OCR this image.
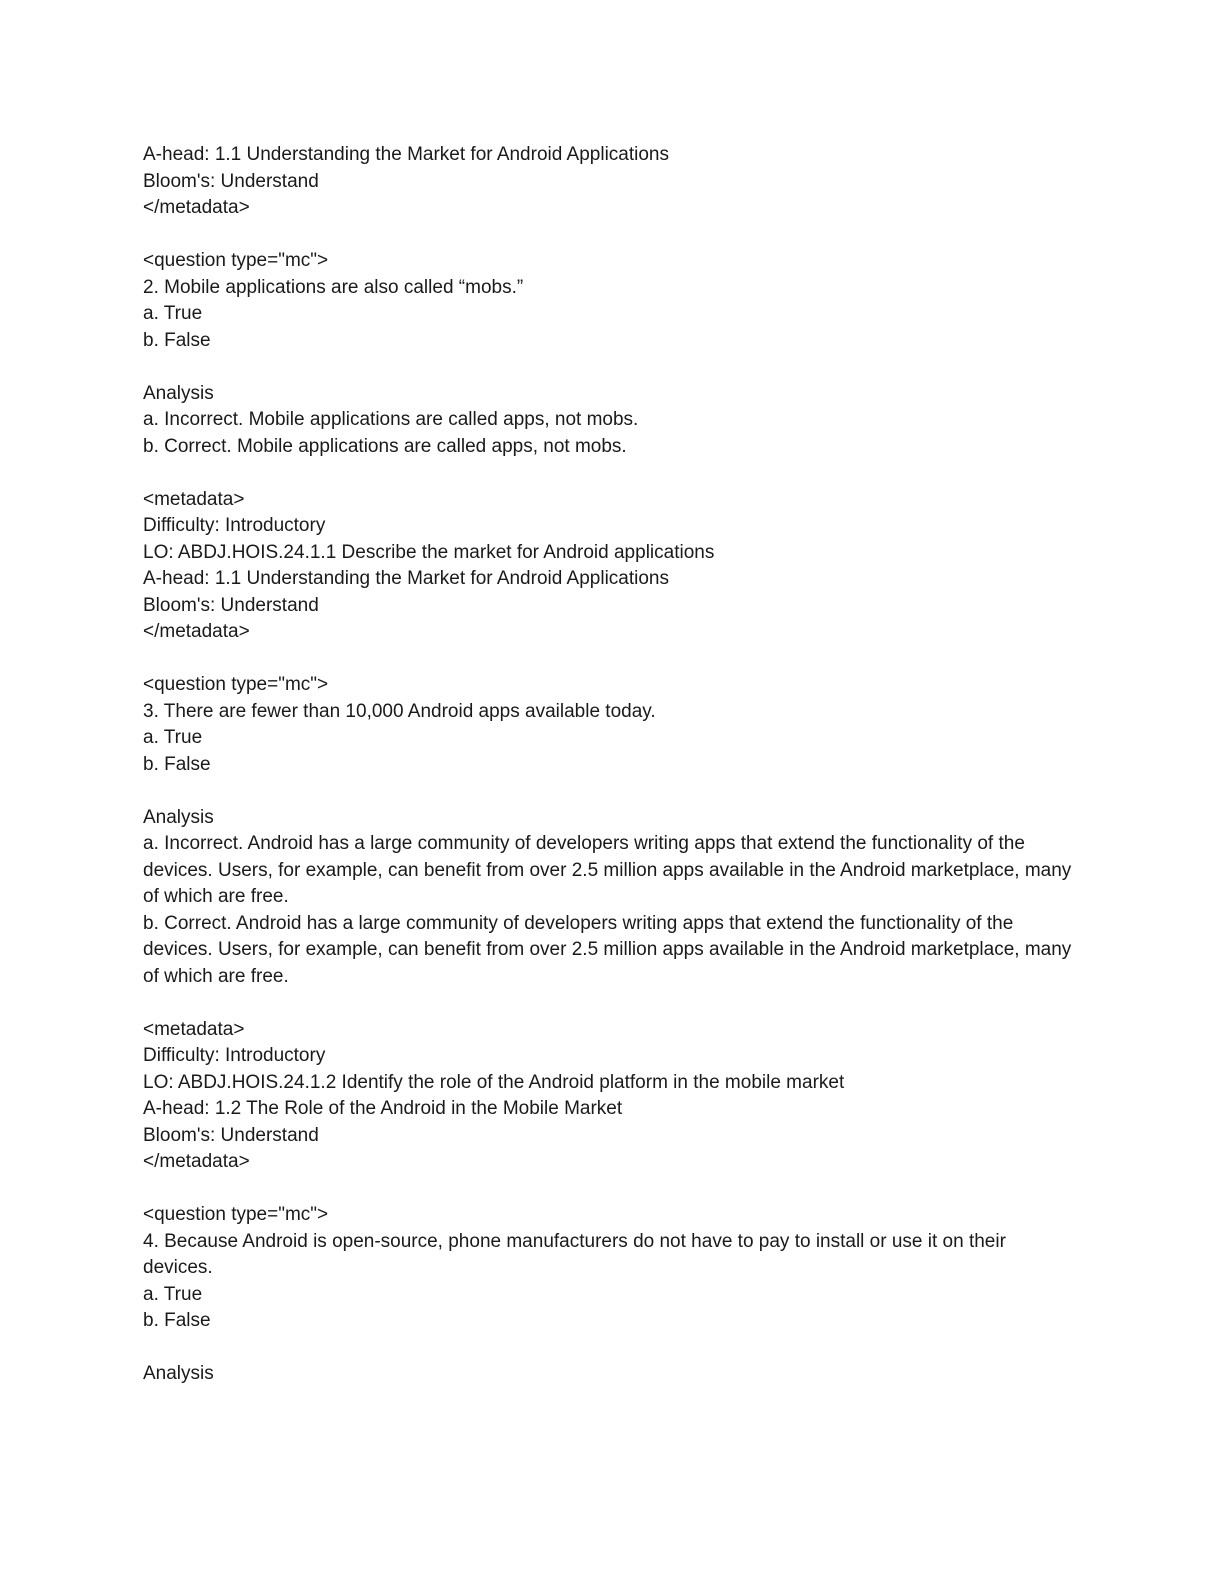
A-head: 1.1 Understanding the Market for Android Applications
Bloom's: Understand
</metadata>
<question type="mc">
2. Mobile applications are also called “mobs.”
a. True
b. False
Analysis
a. Incorrect. Mobile applications are called apps, not mobs.
b. Correct. Mobile applications are called apps, not mobs.
<metadata>
Difficulty: Introductory
LO: ABDJ.HOIS.24.1.1 Describe the market for Android applications
A-head: 1.1 Understanding the Market for Android Applications
Bloom's: Understand
</metadata>
<question type="mc">
3. There are fewer than 10,000 Android apps available today.
a. True
b. False
Analysis
a. Incorrect. Android has a large community of developers writing apps that extend the functionality of the devices. Users, for example, can benefit from over 2.5 million apps available in the Android marketplace, many of which are free.
b. Correct. Android has a large community of developers writing apps that extend the functionality of the devices. Users, for example, can benefit from over 2.5 million apps available in the Android marketplace, many of which are free.
<metadata>
Difficulty: Introductory
LO: ABDJ.HOIS.24.1.2 Identify the role of the Android platform in the mobile market
A-head: 1.2 The Role of the Android in the Mobile Market
Bloom's: Understand
</metadata>
<question type="mc">
4. Because Android is open-source, phone manufacturers do not have to pay to install or use it on their devices.
a. True
b. False
Analysis
